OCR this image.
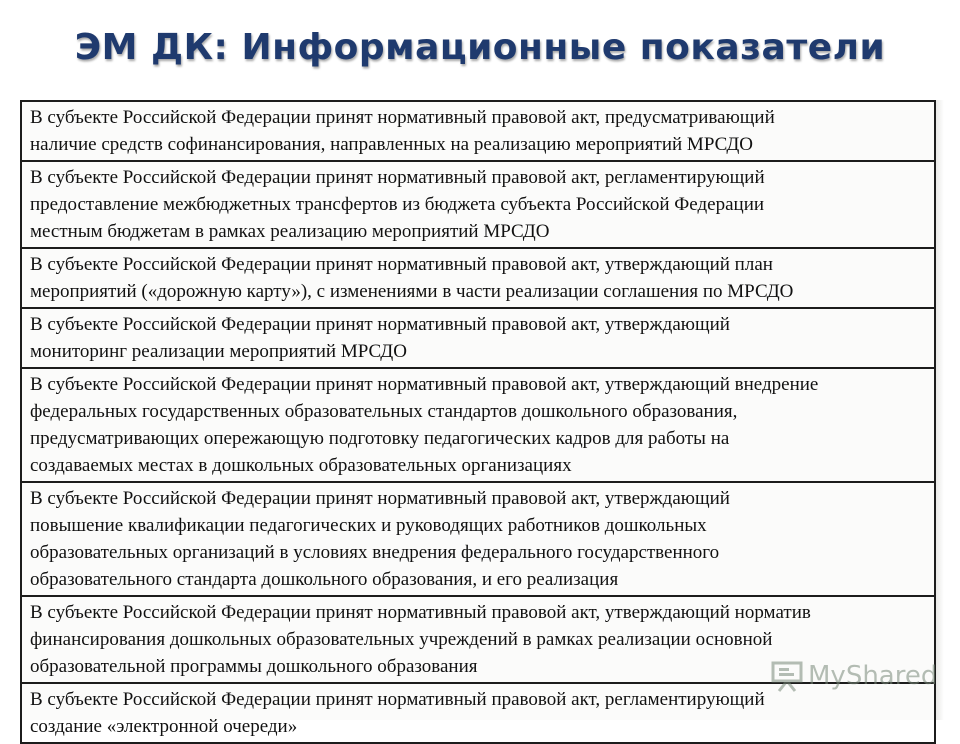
ЭМ ДК: Информационные показатели
В субъекте Российской Федерации принят нормативный правовой акт, предусматривающий
наличие средств софинансирования, направленных на реализацию мероприятий МРСДО

В субъекте Российской Федерации принят нормативный правовой акт, регламентирующий
предоставление межбюджетных трансфертов из бюджета субъекта Российской Федерации
местным бюджетам в рамках реализацию мероприятий МРСДО

В субъекте Российской Федерации принят нормативный правовой акт, утверждающий план
мероприятий («дорожную карту»), с изменениями в части реализации соглашения по МРСДО

В субъекте Российской Федерации принят нормативный правовой акт, утверждающий
мониторинг реализации мероприятий МРСДО

В субъекте Российской Федерации принят нормативный правовой акт, утверждающий внедрение
федеральных государственных образовательных стандартов дошкольного образования,
предусматривающих опережающую подготовку педагогических кадров для работы на
создаваемых местах в дошкольных образовательных организациях

В субъекте Российской Федерации принят нормативный правовой акт, утверждающий
повышение квалификации педагогических и руководящих работников дошкольных
образовательных организаций в условиях внедрения федерального государственного
образовательного стандарта дошкольного образования, и его реализация

В субъекте Российской Федерации принят нормативный правовой акт, утверждающий норматив
финансирования дошкольных образовательных учреждений в рамках реализации основной
образовательной программы дошкольного образования

В субъекте Российской Федерации принят нормативный правовой акт, регламентирующий
создание «электронной очереди»
MyShared
